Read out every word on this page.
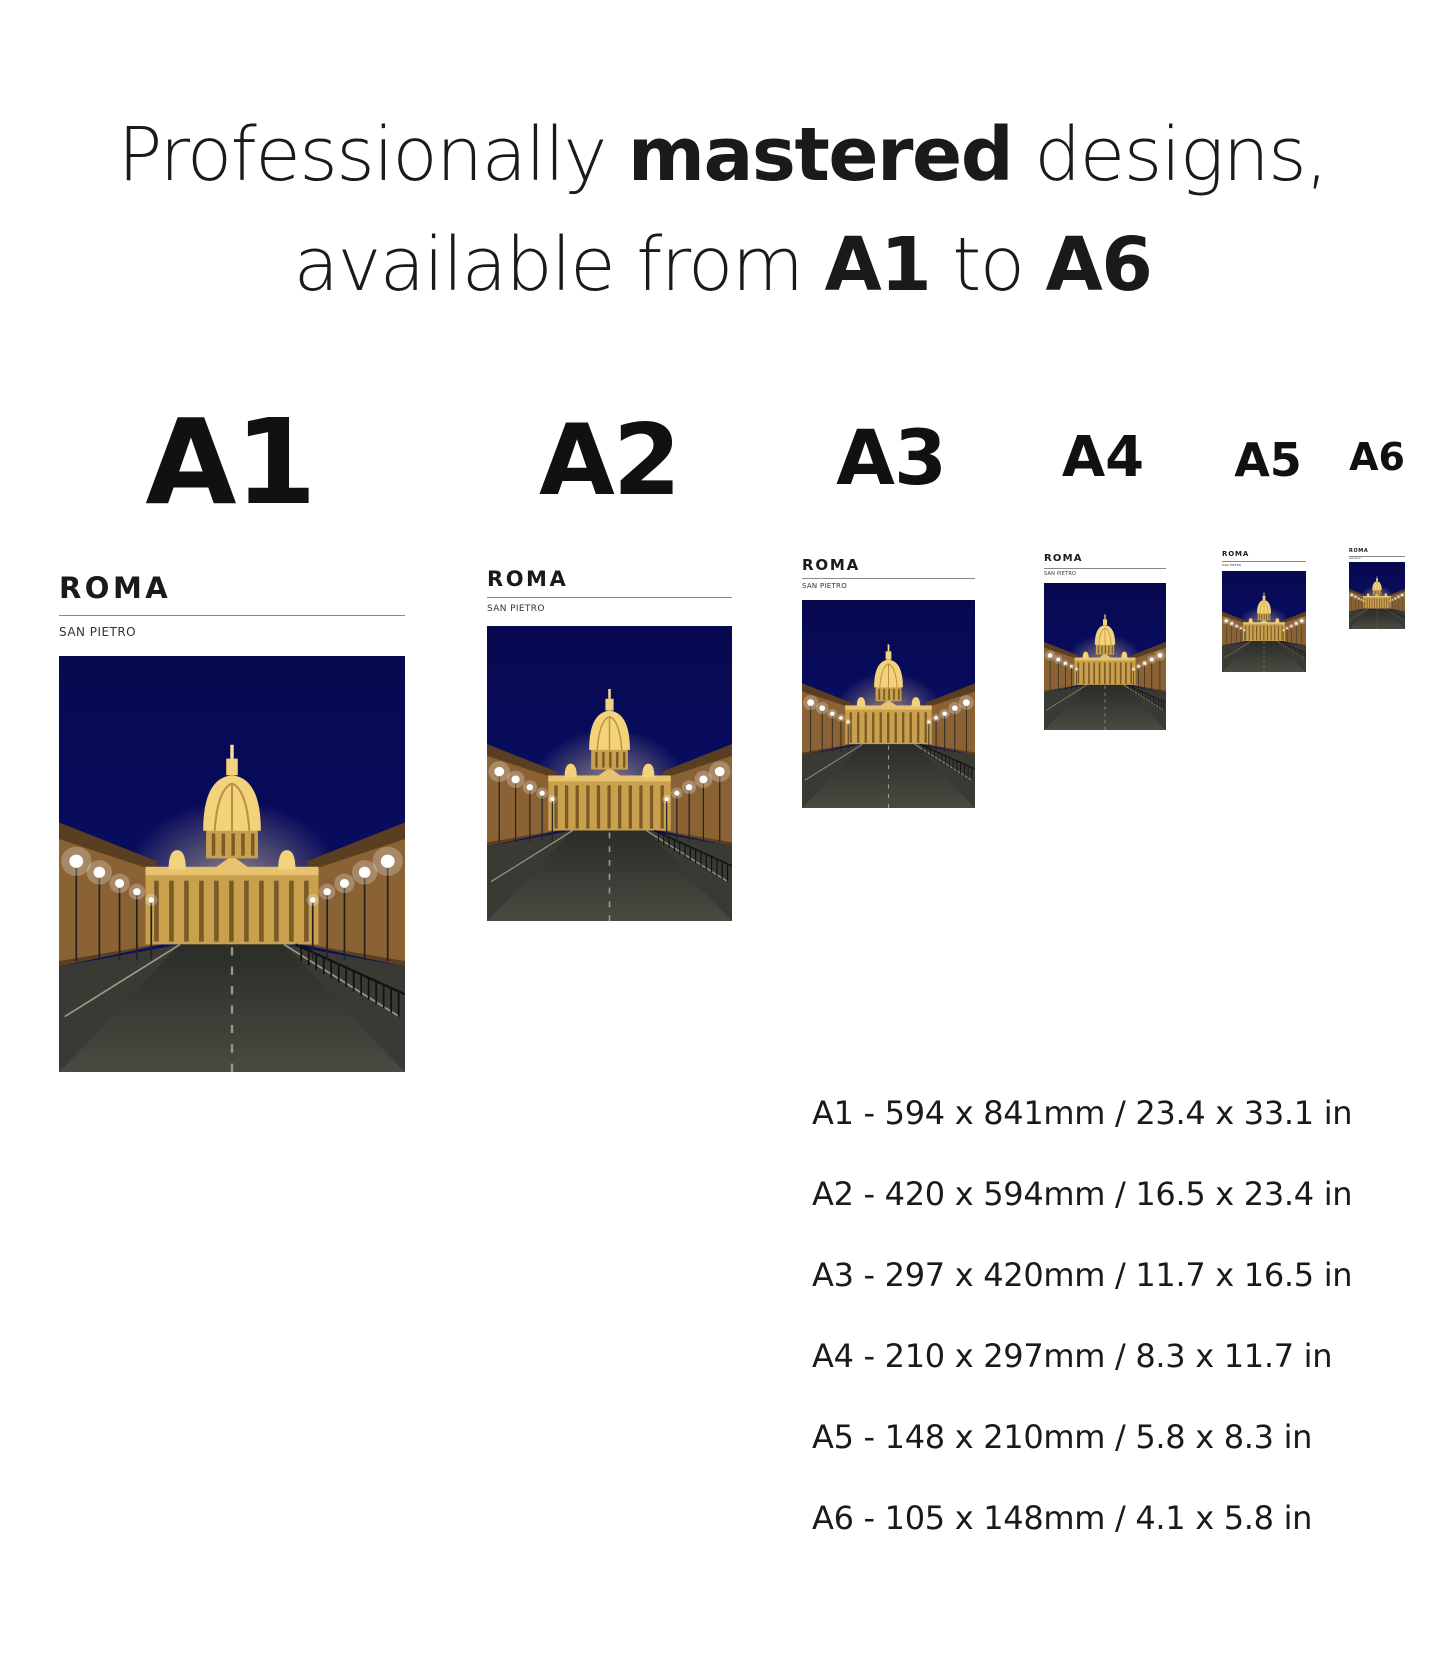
Professionally mastered designs,
available from A1 to A6
A1 A2 A3 A4 A5 A6
ROMA
SAN PIETRO
ROMA
SAN PIETRO
ROMA
SAN PIETRO
ROMA
SAN PIETRO
ROMA
SAN PIETRO
ROMA
SAN PIETRO
A1 - 594 x 841mm / 23.4 x 33.1 in
A2 - 420 x 594mm / 16.5 x 23.4 in
A3 - 297 x 420mm / 11.7 x 16.5 in
A4 - 210 x 297mm / 8.3 x 11.7 in
A5 - 148 x 210mm / 5.8 x 8.3 in
A6 - 105 x 148mm / 4.1 x 5.8 in
